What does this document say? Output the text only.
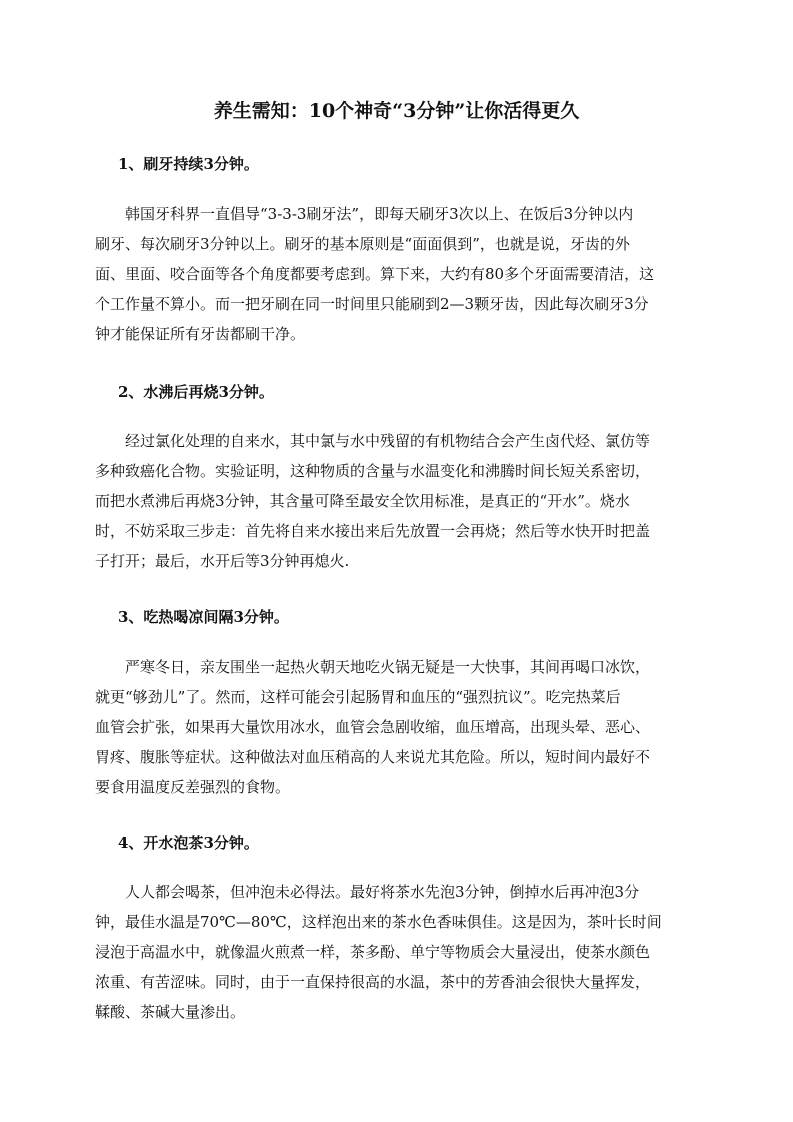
养生需知：10个神奇“3分钟”让你活得更久
1、刷牙持续3分钟。
韩国牙科界一直倡导“3-3-3刷牙法”，即每天刷牙3次以上、在饭后3分钟以内
刷牙、每次刷牙3分钟以上。刷牙的基本原则是“面面俱到”，也就是说，牙齿的外
面、里面、咬合面等各个角度都要考虑到。算下来，大约有80多个牙面需要清洁，这
个工作量不算小。而一把牙刷在同一时间里只能刷到2—3颗牙齿，因此每次刷牙3分
钟才能保证所有牙齿都刷干净。
2、水沸后再烧3分钟。
经过氯化处理的自来水，其中氯与水中残留的有机物结合会产生卤代烃、氯仿等
多种致癌化合物。实验证明，这种物质的含量与水温变化和沸腾时间长短关系密切，
而把水煮沸后再烧3分钟，其含量可降至最安全饮用标准，是真正的“开水”。烧水
时，不妨采取三步走：首先将自来水接出来后先放置一会再烧；然后等水快开时把盖
子打开；最后，水开后等3分钟再熄火.
3、吃热喝凉间隔3分钟。
严寒冬日，亲友围坐一起热火朝天地吃火锅无疑是一大快事，其间再喝口冰饮，
就更“够劲儿”了。然而，这样可能会引起肠胃和血压的“强烈抗议”。吃完热菜后
血管会扩张，如果再大量饮用冰水，血管会急剧收缩，血压增高，出现头晕、恶心、
胃疼、腹胀等症状。这种做法对血压稍高的人来说尤其危险。所以，短时间内最好不
要食用温度反差强烈的食物。
4、开水泡茶3分钟。
人人都会喝茶，但冲泡未必得法。最好将茶水先泡3分钟，倒掉水后再冲泡3分
钟，最佳水温是70℃—80℃，这样泡出来的茶水色香味俱佳。这是因为，茶叶长时间
浸泡于高温水中，就像温火煎煮一样，茶多酚、单宁等物质会大量浸出，使茶水颜色
浓重、有苦涩味。同时，由于一直保持很高的水温，茶中的芳香油会很快大量挥发，
鞣酸、茶碱大量渗出。
